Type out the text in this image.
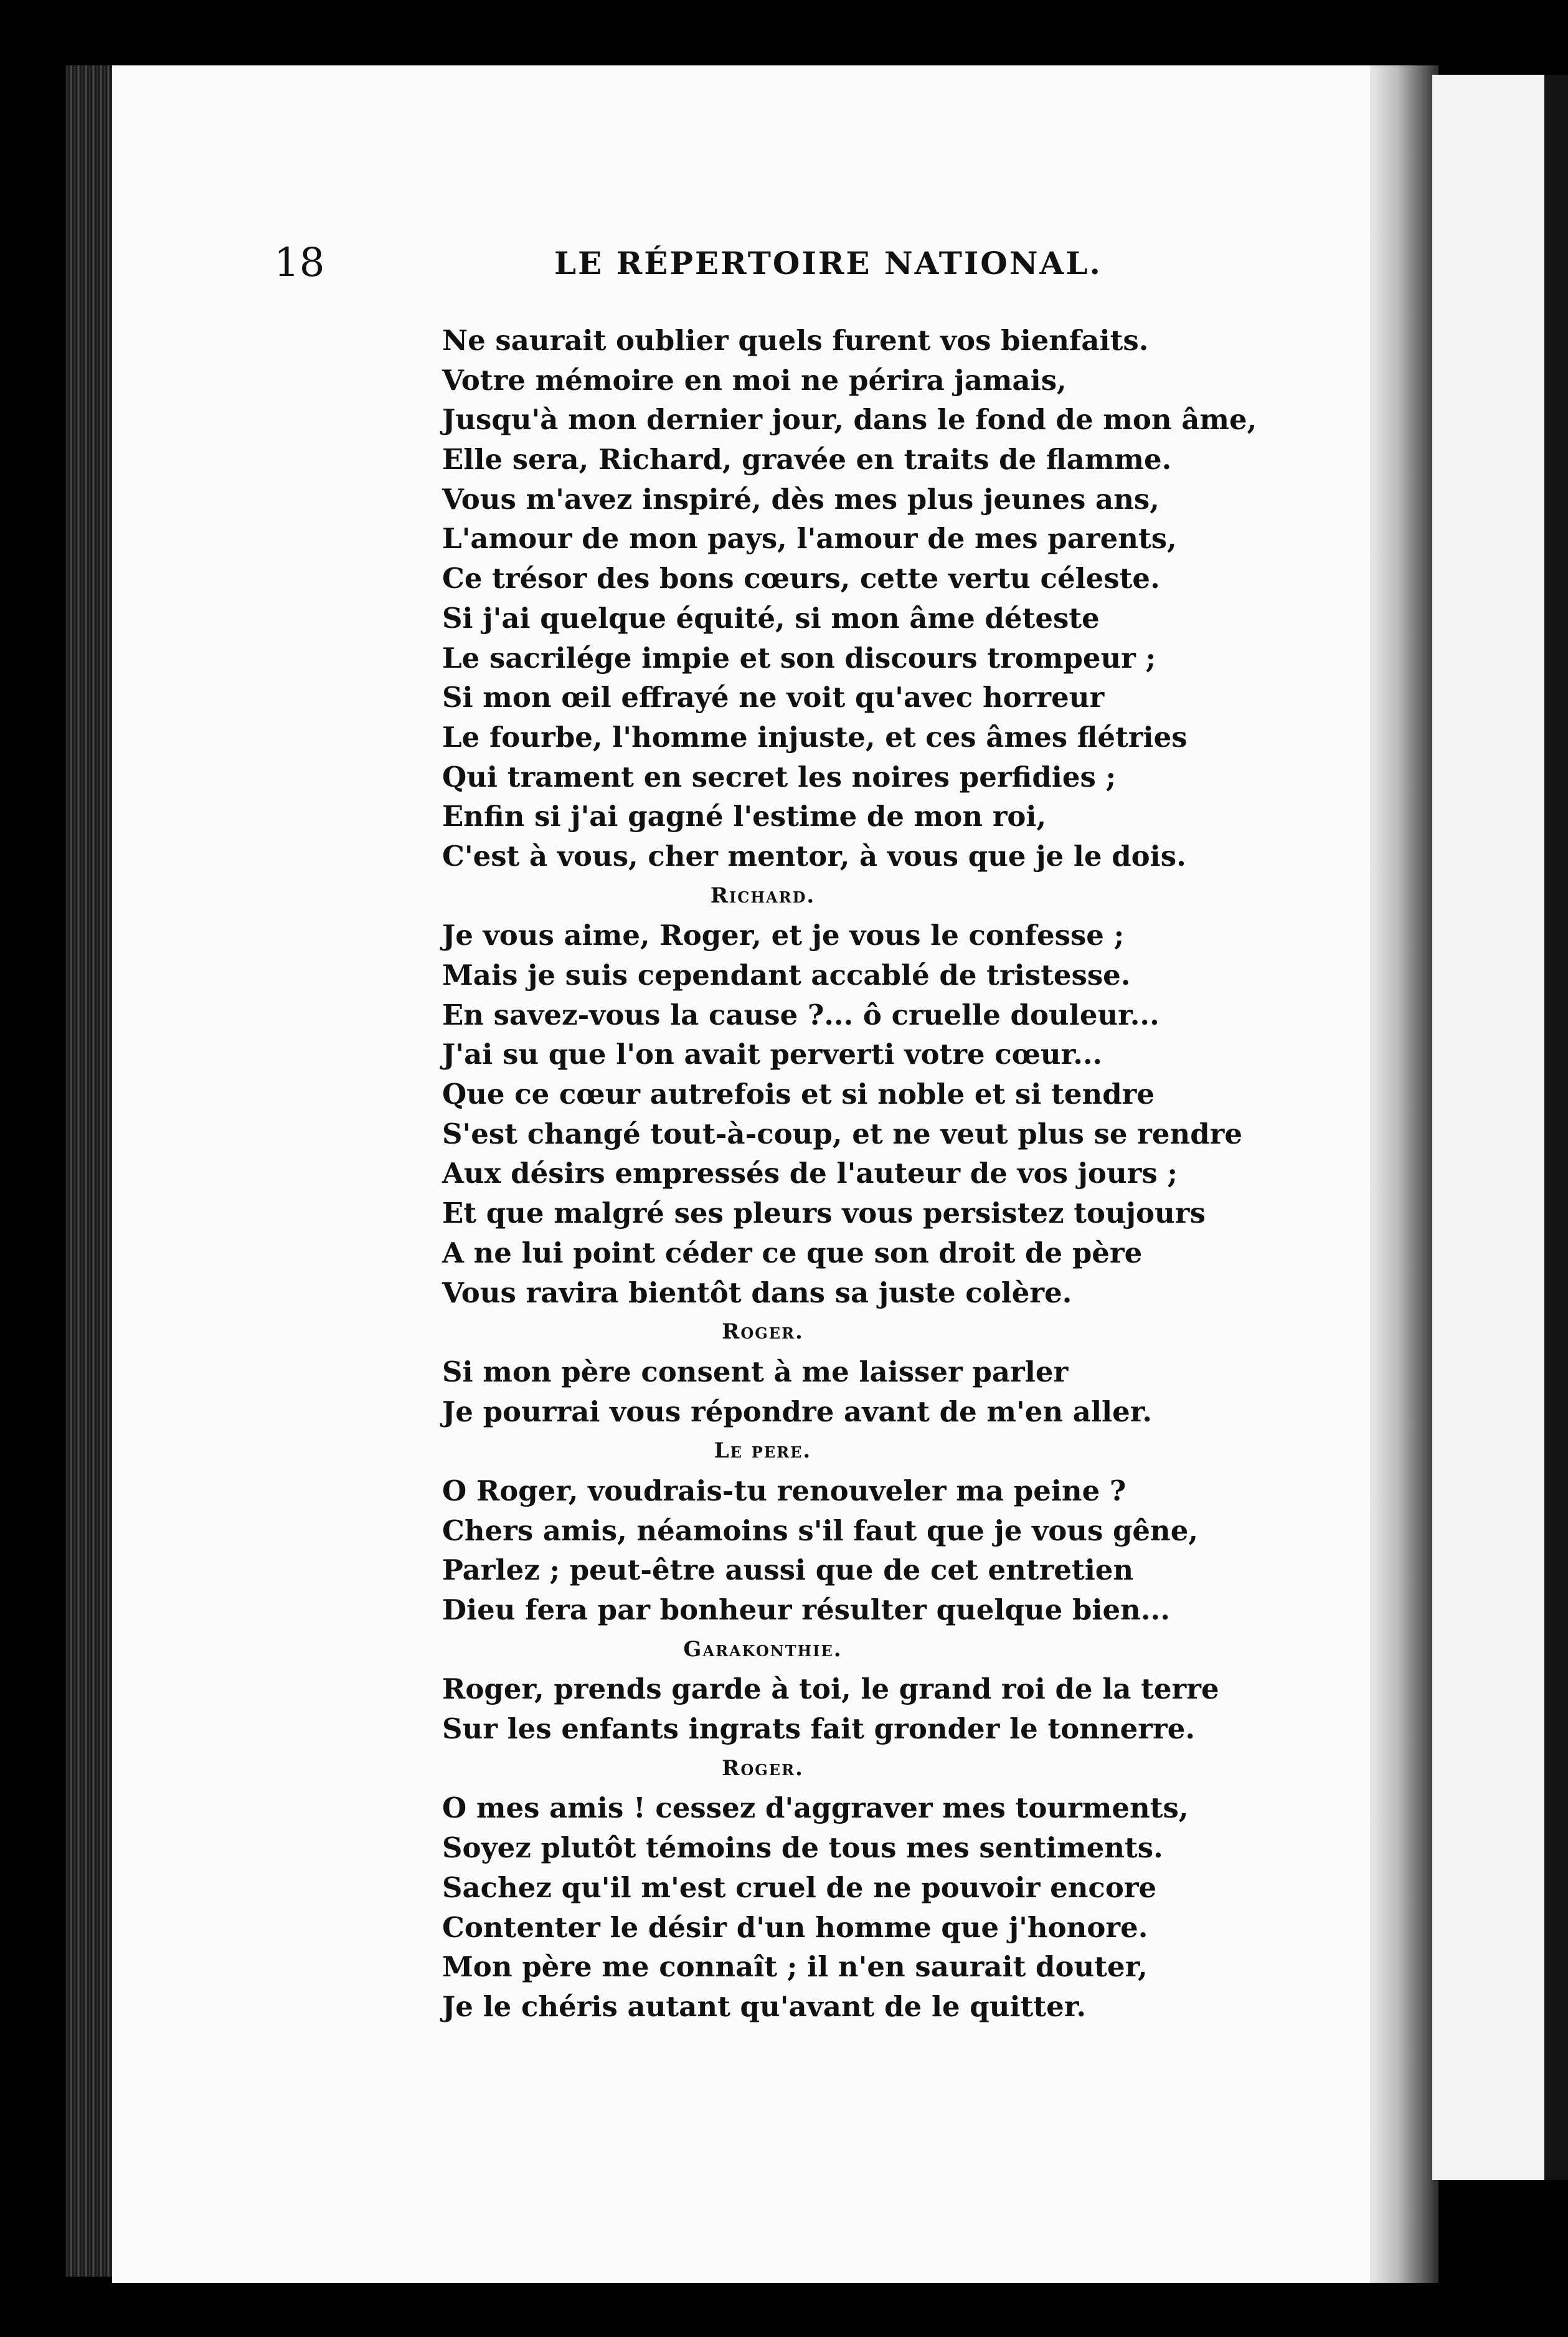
18	LE RÉPERTOIRE NATIONAL.
Ne saurait oublier quels furent vos bienfaits.
Votre mémoire en moi ne périra jamais,
Jusqu'à mon dernier jour, dans le fond de mon âme,
Elle sera, Richard, gravée en traits de flamme.
Vous m'avez inspiré, dès mes plus jeunes ans,
L'amour de mon pays, l'amour de mes parents,
Ce trésor des bons cœurs, cette vertu céleste.
Si j'ai quelque équité, si mon âme déteste
Le sacrilége impie et son discours trompeur ;
Si mon œil effrayé ne voit qu'avec horreur
Le fourbe, l'homme injuste, et ces âmes flétries
Qui trament en secret les noires perfidies ;
Enfin si j'ai gagné l'estime de mon roi,
C'est à vous, cher mentor, à vous que je le dois.
Richard.
Je vous aime, Roger, et je vous le confesse ;
Mais je suis cependant accablé de tristesse.
En savez-vous la cause ?... ô cruelle douleur...
J'ai su que l'on avait perverti votre cœur...
Que ce cœur autrefois et si noble et si tendre
S'est changé tout-à-coup, et ne veut plus se rendre
Aux désirs empressés de l'auteur de vos jours ;
Et que malgré ses pleurs vous persistez toujours
A ne lui point céder ce que son droit de père
Vous ravira bientôt dans sa juste colère.
Roger.
Si mon père consent à me laisser parler
Je pourrai vous répondre avant de m'en aller.
Le pere.
O Roger, voudrais-tu renouveler ma peine ?
Chers amis, néamoins s'il faut que je vous gêne,
Parlez ; peut-être aussi que de cet entretien
Dieu fera par bonheur résulter quelque bien...
Garakonthie.
Roger, prends garde à toi, le grand roi de la terre
Sur les enfants ingrats fait gronder le tonnerre.
Roger.
O mes amis ! cessez d'aggraver mes tourments,
Soyez plutôt témoins de tous mes sentiments.
Sachez qu'il m'est cruel de ne pouvoir encore
Contenter le désir d'un homme que j'honore.
Mon père me connaît ; il n'en saurait douter,
Je le chéris autant qu'avant de le quitter.
